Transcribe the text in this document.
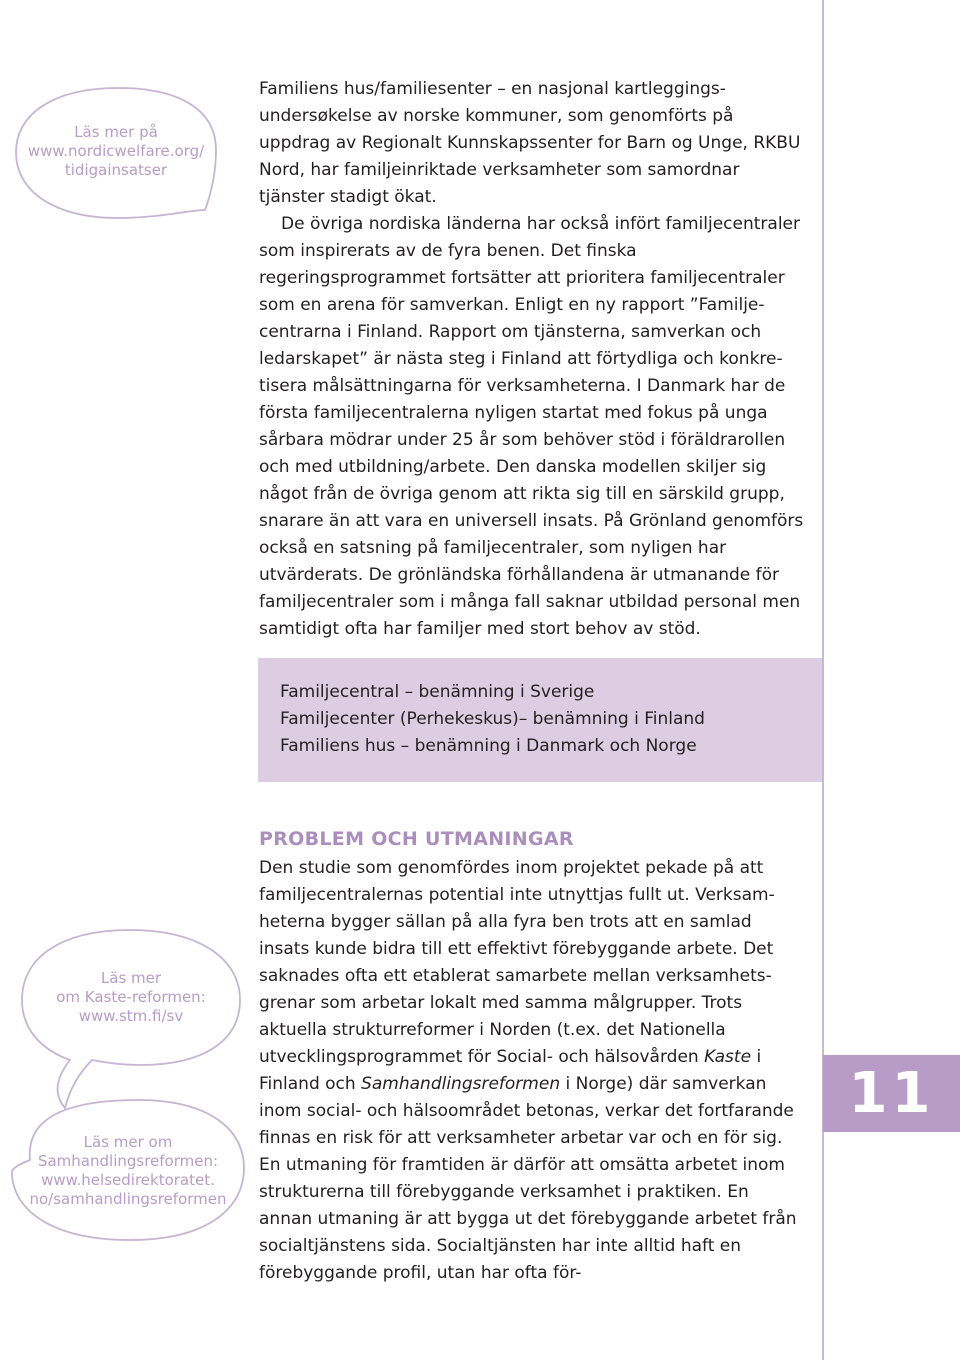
Läs mer på
www.nordicwelfare.org/
tidigainsatser
Läs mer
om Kaste-reformen:
www.stm.fi/sv
Läs mer om
Samhandlingsreformen:
www.helsedirektoratet.
no/samhandlingsreformen

Familiens hus/familiesenter – en nasjonal kartleggingsundersøkelse av norske kommuner, som genomförts på uppdrag av Regionalt Kunnskapssenter for Barn og Unge, RKBU Nord, har familjeinriktade verksamheter som samordnar tjänster stadigt ökat.

De övriga nordiska länderna har också infört familjecentraler som inspirerats av de fyra benen. Det finska regeringsprogrammet fortsätter att prioritera familjecentraler som en arena för samverkan. Enligt en ny rapport ”Familjecentrarna i Finland. Rapport om tjänsterna, samverkan och ledarskapet” är nästa steg i Finland att förtydliga och konkretisera målsättningarna för verksamheterna. I Danmark har de första familjecentralerna nyligen startat med fokus på unga sårbara mödrar under 25 år som behöver stöd i föräldrarollen och med utbildning/arbete. Den danska modellen skiljer sig något från de övriga genom att rikta sig till en särskild grupp, snarare än att vara en universell insats. På Grönland genomförs också en satsning på familjecentraler, som nyligen har utvärderats. De grönländska förhållandena är utmanande för familjecentraler som i många fall saknar utbildad personal men samtidigt ofta har familjer med stort behov av stöd.

Familjecentral – benämning i Sverige
Familjecenter (Perhekeskus)– benämning i Finland
Familiens hus – benämning i Danmark och Norge
PROBLEM OCH UTMANINGAR

Den studie som genomfördes inom projektet pekade på att familjecentralernas potential inte utnyttjas fullt ut. Verksamheterna bygger sällan på alla fyra ben trots att en samlad insats kunde bidra till ett effektivt förebyggande arbete. Det saknades ofta ett etablerat samarbete mellan verksamhetsgrenar som arbetar lokalt med samma målgrupper. Trots aktuella strukturreformer i Norden (t.ex. det Nationella utvecklingsprogrammet för Social- och hälsovården Kaste i Finland och Samhandlingsreformen i Norge) där samverkan inom social- och hälsoområdet betonas, verkar det fortfarande finnas en risk för att verksamheter arbetar var och en för sig. En utmaning för framtiden är därför att omsätta arbetet inom strukturerna till förebyggande verksamhet i praktiken. En annan utmaning är att bygga ut det förebyggande arbetet från socialtjänstens sida. Socialtjänsten har inte alltid haft en förebyggande profil, utan har ofta för-

11
